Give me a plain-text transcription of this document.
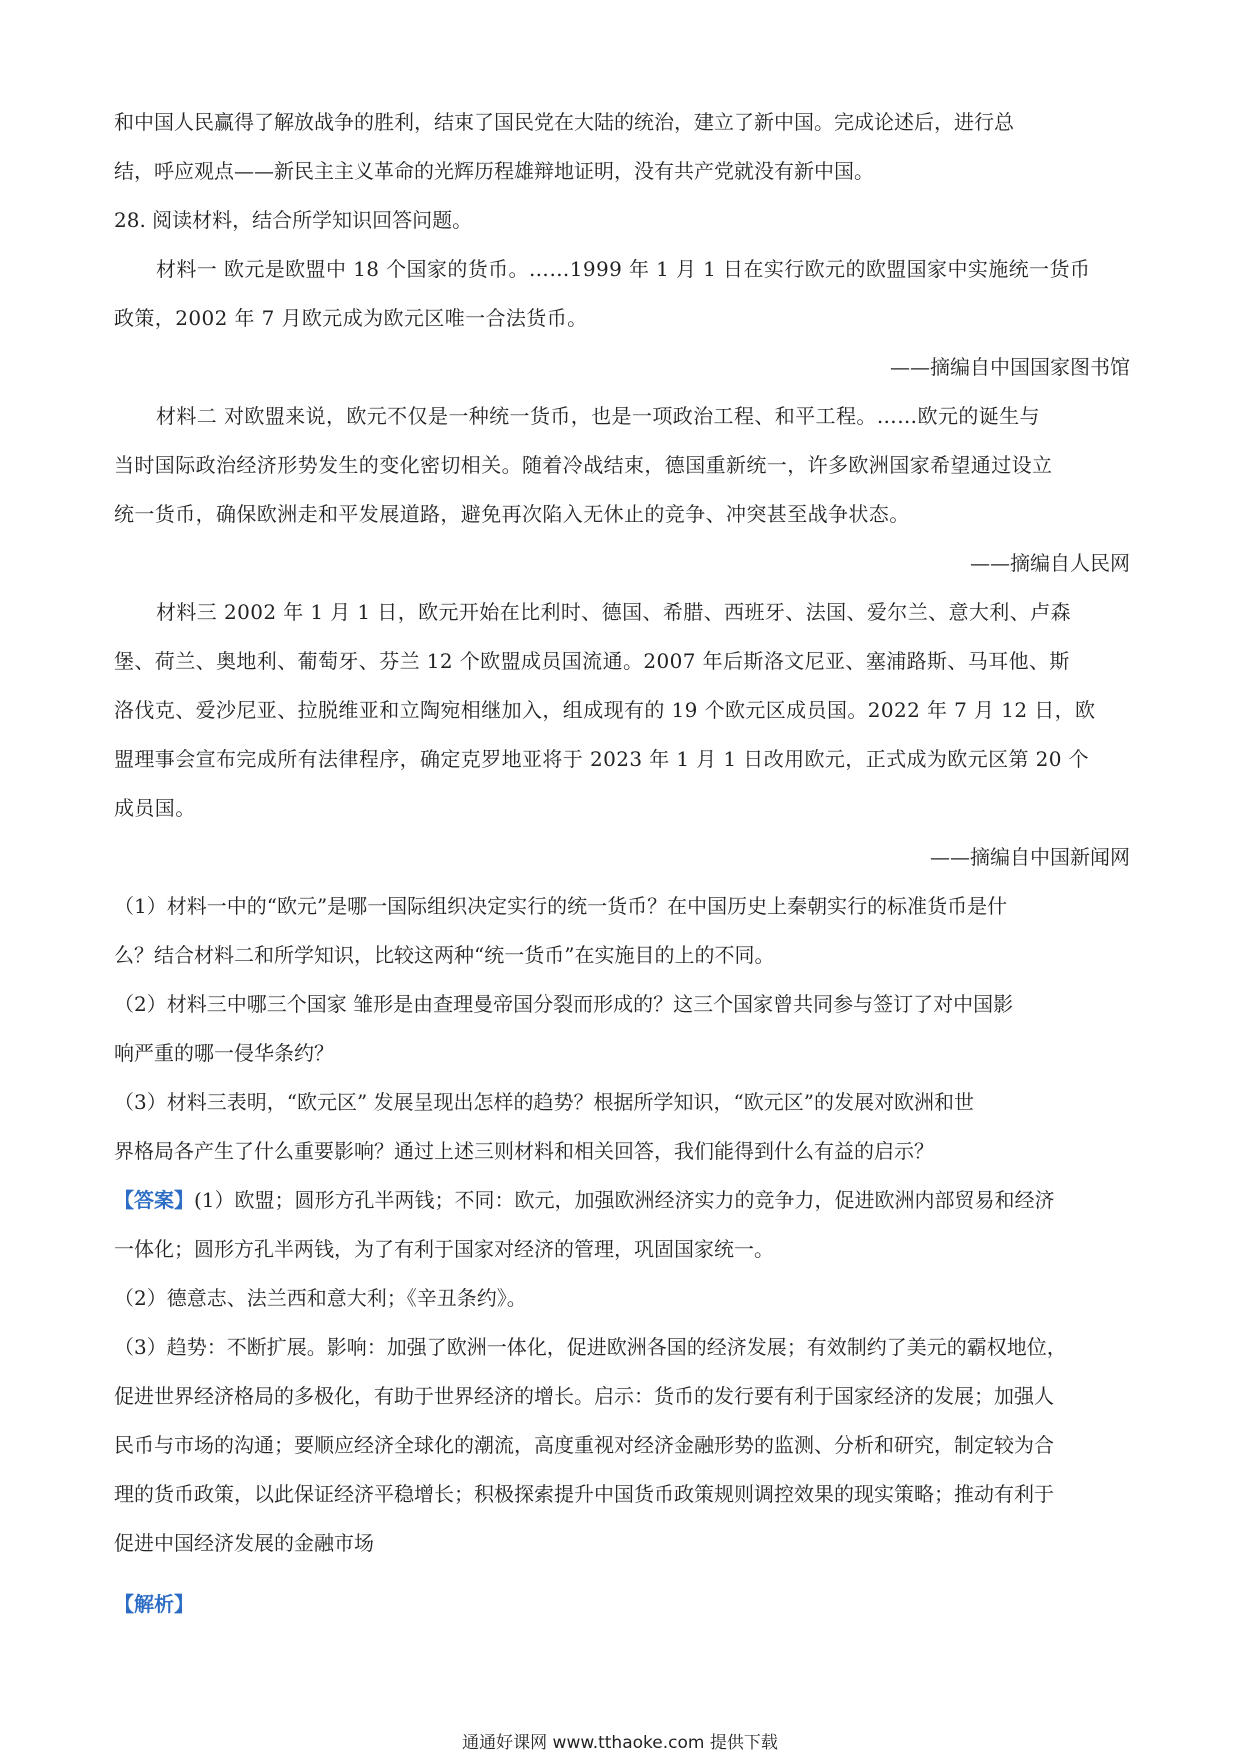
和中国人民赢得了解放战争的胜利，结束了国民党在大陆的统治，建立了新中国。完成论述后，进行总

结，呼应观点——新民主主义革命的光辉历程雄辩地证明，没有共产党就没有新中国。

28. 阅读材料，结合所学知识回答问题。

材料一 欧元是欧盟中 18 个国家的货币。……1999 年 1 月 1 日在实行欧元的欧盟国家中实施统一货币

政策，2002 年 7 月欧元成为欧元区唯一合法货币。

——摘编自中国国家图书馆

材料二 对欧盟来说，欧元不仅是一种统一货币，也是一项政治工程、和平工程。……欧元的诞生与

当时国际政治经济形势发生的变化密切相关。随着冷战结束，德国重新统一，许多欧洲国家希望通过设立

统一货币，确保欧洲走和平发展道路，避免再次陷入无休止的竞争、冲突甚至战争状态。

——摘编自人民网

材料三 2002 年 1 月 1 日，欧元开始在比利时、德国、希腊、西班牙、法国、爱尔兰、意大利、卢森

堡、荷兰、奥地利、葡萄牙、芬兰 12 个欧盟成员国流通。2007 年后斯洛文尼亚、塞浦路斯、马耳他、斯

洛伐克、爱沙尼亚、拉脱维亚和立陶宛相继加入，组成现有的 19 个欧元区成员国。2022 年 7 月 12 日，欧

盟理事会宣布完成所有法律程序，确定克罗地亚将于 2023 年 1 月 1 日改用欧元，正式成为欧元区第 20 个

成员国。

——摘编自中国新闻网

（1）材料一中的“欧元”是哪一国际组织决定实行的统一货币？在中国历史上秦朝实行的标准货币是什

么？结合材料二和所学知识，比较这两种“统一货币”在实施目的上的不同。

（2）材料三中哪三个国家 雏形是由查理曼帝国分裂而形成的？这三个国家曾共同参与签订了对中国影

响严重的哪一侵华条约？

（3）材料三表明，“欧元区” 发展呈现出怎样的趋势？根据所学知识，“欧元区”的发展对欧洲和世

界格局各产生了什么重要影响？通过上述三则材料和相关回答，我们能得到什么有益的启示？

【答案】(1）欧盟；圆形方孔半两钱；不同：欧元，加强欧洲经济实力的竞争力，促进欧洲内部贸易和经济

一体化；圆形方孔半两钱，为了有利于国家对经济的管理，巩固国家统一。

（2）德意志、法兰西和意大利；《辛丑条约》。

（3）趋势：不断扩展。影响：加强了欧洲一体化，促进欧洲各国的经济发展；有效制约了美元的霸权地位，

促进世界经济格局的多极化，有助于世界经济的增长。启示：货币的发行要有利于国家经济的发展；加强人

民币与市场的沟通；要顺应经济全球化的潮流，高度重视对经济金融形势的监测、分析和研究，制定较为合

理的货币政策，以此保证经济平稳增长；积极探索提升中国货币政策规则调控效果的现实策略；推动有利于

促进中国经济发展的金融市场

【解析】

通通好课网 www.tthaoke.com 提供下载
